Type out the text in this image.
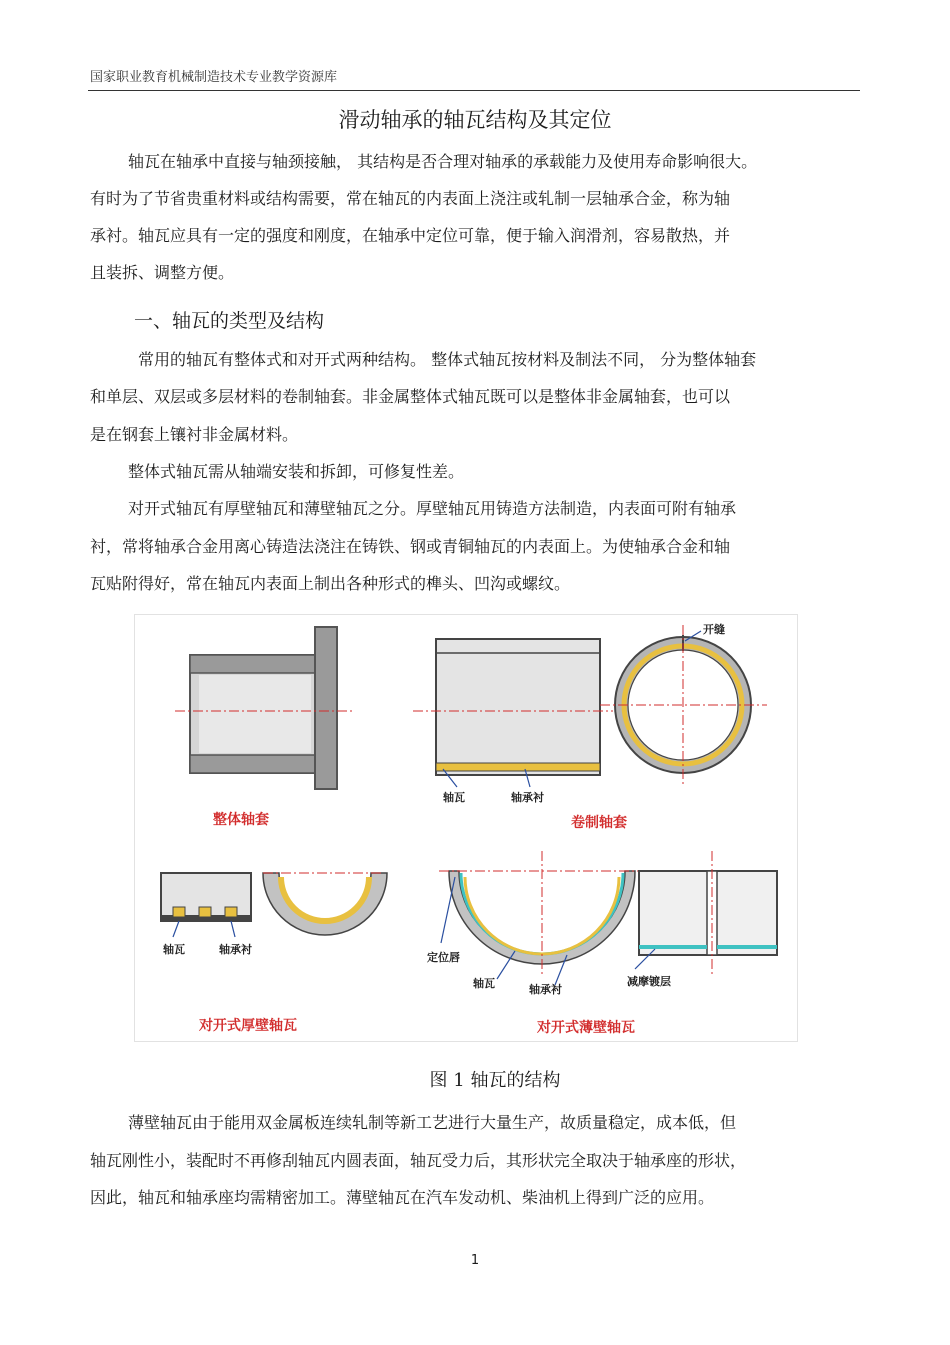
国家职业教育机械制造技术专业教学资源库
滑动轴承的轴瓦结构及其定位
轴瓦在轴承中直接与轴颈接触， 其结构是否合理对轴承的承载能力及使用寿命影响很大。
有时为了节省贵重材料或结构需要，常在轴瓦的内表面上浇注或轧制一层轴承合金，称为轴
承衬。轴瓦应具有一定的强度和刚度，在轴承中定位可靠，便于输入润滑剂，容易散热，并
且装拆、调整方便。
一、轴瓦的类型及结构
常用的轴瓦有整体式和对开式两种结构。 整体式轴瓦按材料及制法不同， 分为整体轴套
和单层、双层或多层材料的卷制轴套。非金属整体式轴瓦既可以是整体非金属轴套，也可以
是在钢套上镶衬非金属材料。
整体式轴瓦需从轴端安装和拆卸，可修复性差。
对开式轴瓦有厚壁轴瓦和薄壁轴瓦之分。厚壁轴瓦用铸造方法制造，内表面可附有轴承
衬，常将轴承合金用离心铸造法浇注在铸铁、钢或青铜轴瓦的内表面上。为使轴承合金和轴
瓦贴附得好，常在轴瓦内表面上制出各种形式的榫头、凹沟或螺纹。
整体轴套
轴瓦	轴承衬
开缝
卷制轴套
轴瓦	轴承衬
对开式厚壁轴瓦
定位唇
轴瓦	轴承衬
减摩镀层
对开式薄壁轴瓦
图 1 轴瓦的结构
薄壁轴瓦由于能用双金属板连续轧制等新工艺进行大量生产，故质量稳定，成本低，但
轴瓦刚性小，装配时不再修刮轴瓦内圆表面，轴瓦受力后，其形状完全取决于轴承座的形状，
因此，轴瓦和轴承座均需精密加工。薄壁轴瓦在汽车发动机、柴油机上得到广泛的应用。
1
